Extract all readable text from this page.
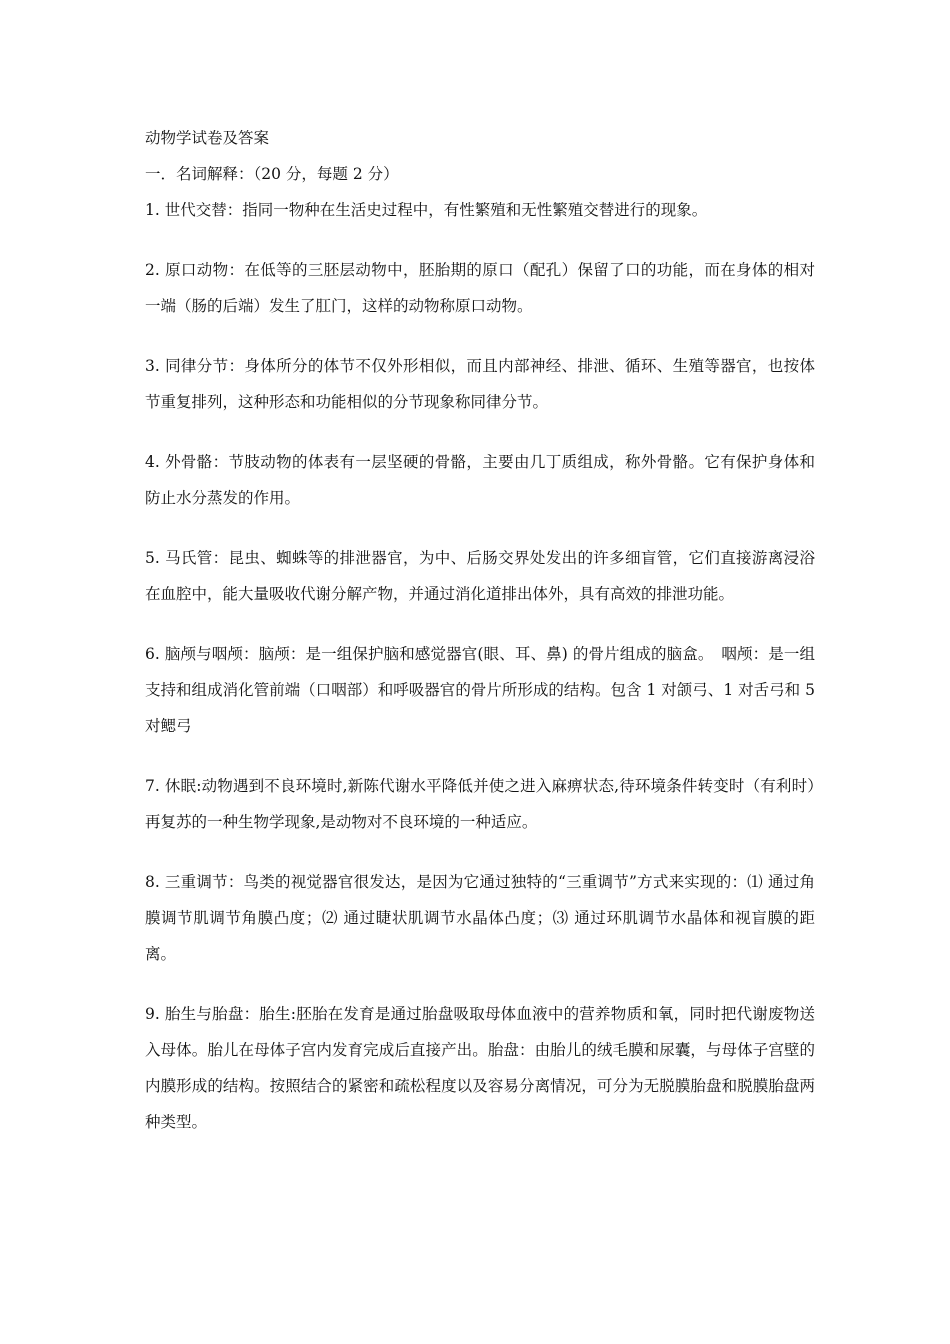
动物学试卷及答案
一．名词解释：（20 分，每题 2 分）
1. 世代交替：指同一物种在生活史过程中，有性繁殖和无性繁殖交替进行的现象。
2. 原口动物：在低等的三胚层动物中，胚胎期的原口（配孔）保留了口的功能，而在身体的相对一端（肠的后端）发生了肛门，这样的动物称原口动物。
3. 同律分节：身体所分的体节不仅外形相似，而且内部神经、排泄、循环、生殖等器官，也按体节重复排列，这种形态和功能相似的分节现象称同律分节。
4. 外骨骼：节肢动物的体表有一层坚硬的骨骼，主要由几丁质组成，称外骨骼。它有保护身体和防止水分蒸发的作用。
5. 马氏管：昆虫、蜘蛛等的排泄器官，为中、后肠交界处发出的许多细盲管，它们直接游离浸浴在血腔中，能大量吸收代谢分解产物，并通过消化道排出体外，具有高效的排泄功能。
6. 脑颅与咽颅：脑颅：是一组保护脑和感觉器官(眼、耳、鼻) 的骨片组成的脑盒。　咽颅：是一组支持和组成消化管前端（口咽部）和呼吸器官的骨片所形成的结构。包含 1 对颌弓、1 对舌弓和 5 对鳃弓
7. 休眠:动物遇到不良环境时,新陈代谢水平降低并使之进入麻痹状态,待环境条件转变时（有利时）再复苏的一种生物学现象,是动物对不良环境的一种适应。
8. 三重调节：鸟类的视觉器官很发达，是因为它通过独特的“三重调节”方式来实现的：⑴ 通过角膜调节肌调节角膜凸度；⑵ 通过睫状肌调节水晶体凸度；⑶ 通过环肌调节水晶体和视盲膜的距离。
9. 胎生与胎盘：胎生:胚胎在发育是通过胎盘吸取母体血液中的营养物质和氧，同时把代谢废物送入母体。胎儿在母体子宫内发育完成后直接产出。胎盘：由胎儿的绒毛膜和尿囊，与母体子宫壁的内膜形成的结构。按照结合的紧密和疏松程度以及容易分离情况，可分为无脱膜胎盘和脱膜胎盘两种类型。
